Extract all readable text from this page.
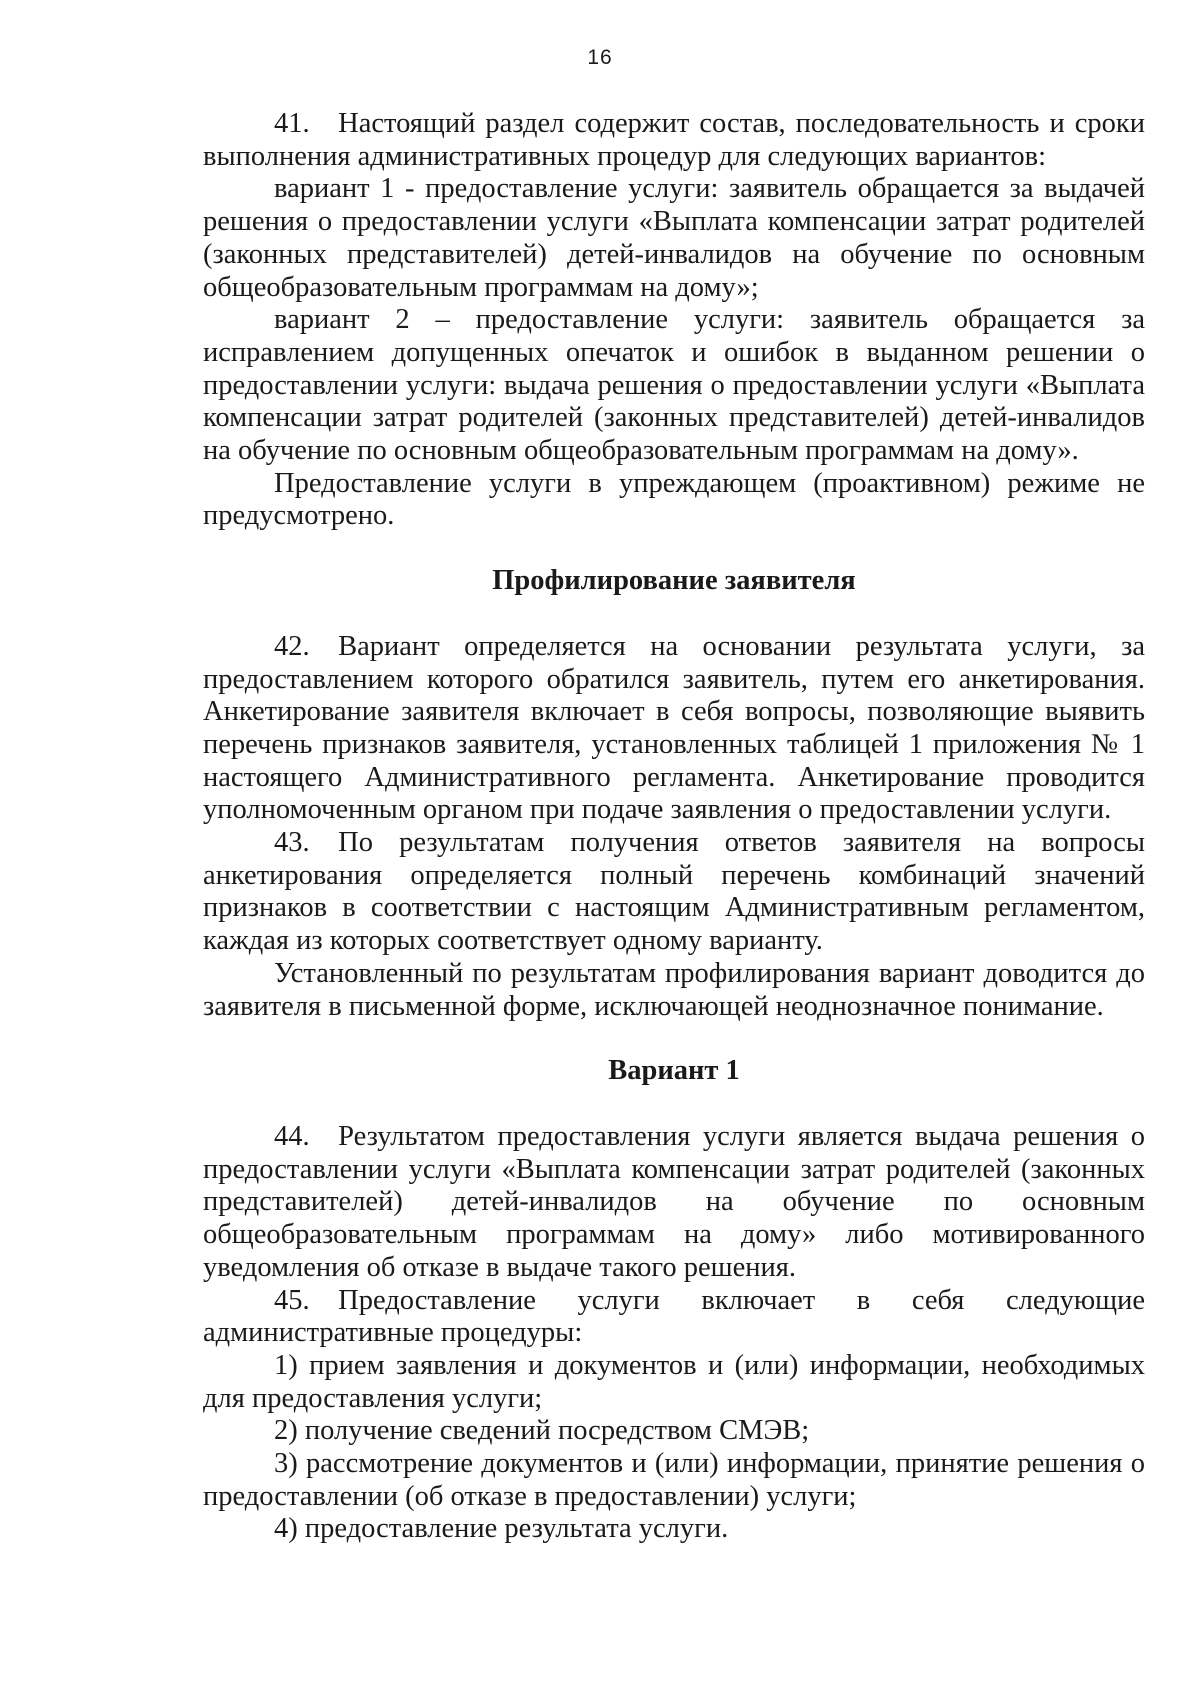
16

41. Настоящий раздел содержит состав, последовательность и сроки выполнения административных процедур для следующих вариантов:

вариант 1 - предоставление услуги: заявитель обращается за выдачей решения о предоставлении услуги «Выплата компенсации затрат родителей (законных представителей) детей-инвалидов на обучение по основным общеобразовательным программам на дому»;

вариант 2 – предоставление услуги: заявитель обращается за исправлением допущенных опечаток и ошибок в выданном решении о предоставлении услуги: выдача решения о предоставлении услуги «Выплата компенсации затрат родителей (законных представителей) детей-инвалидов на обучение по основным общеобразовательным программам на дому».

Предоставление услуги в упреждающем (проактивном) режиме не предусмотрено.

Профилирование заявителя

42. Вариант определяется на основании результата услуги, за предоставлением которого обратился заявитель, путем его анкетирования. Анкетирование заявителя включает в себя вопросы, позволяющие выявить перечень признаков заявителя, установленных таблицей 1 приложения № 1 настоящего Административного регламента. Анкетирование проводится уполномоченным органом при подаче заявления о предоставлении услуги.

43. По результатам получения ответов заявителя на вопросы анкетирования определяется полный перечень комбинаций значений признаков в соответствии с настоящим Административным регламентом, каждая из которых соответствует одному варианту.

Установленный по результатам профилирования вариант доводится до заявителя в письменной форме, исключающей неоднозначное понимание.

Вариант 1

44. Результатом предоставления услуги является выдача решения о предоставлении услуги «Выплата компенсации затрат родителей (законных представителей) детей-инвалидов на обучение по основным общеобразовательным программам на дому» либо мотивированного уведомления об отказе в выдаче такого решения.

45. Предоставление услуги включает в себя следующие административные процедуры:

1) прием заявления и документов и (или) информации, необходимых для предоставления услуги;

2) получение сведений посредством СМЭВ;

3) рассмотрение документов и (или) информации, принятие решения о предоставлении (об отказе в предоставлении) услуги;

4) предоставление результата услуги.
